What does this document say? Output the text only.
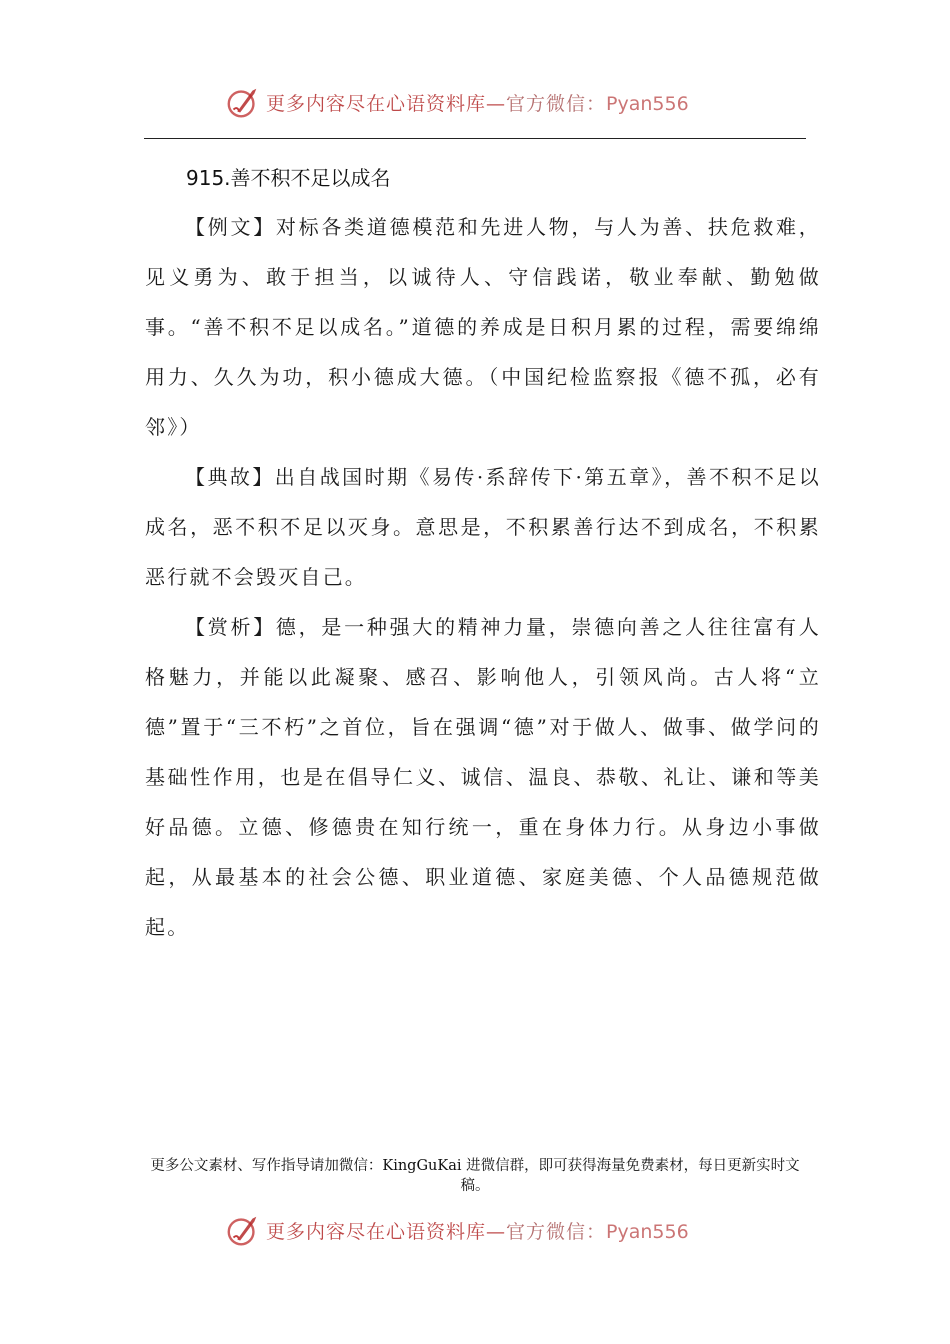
更多内容尽在心语资料库—官方微信：Pyan556
915.善不积不足以成名

【例文】对标各类道德模范和先进人物，与人为善、扶危救难，见义勇为、敢于担当，以诚待人、守信践诺，敬业奉献、勤勉做事。“善不积不足以成名。”道德的养成是日积月累的过程，需要绵绵用力、久久为功，积小德成大德。（中国纪检监察报《德不孤，必有邻》）

【典故】出自战国时期《易传·系辞传下·第五章》，善不积不足以成名，恶不积不足以灭身。意思是，不积累善行达不到成名，不积累恶行就不会毁灭自己。

【赏析】德，是一种强大的精神力量，崇德向善之人往往富有人格魅力，并能以此凝聚、感召、影响他人，引领风尚。古人将“立德”置于“三不朽”之首位，旨在强调“德”对于做人、做事、做学问的基础性作用，也是在倡导仁义、诚信、温良、恭敬、礼让、谦和等美好品德。立德、修德贵在知行统一，重在身体力行。从身边小事做起，从最基本的社会公德、职业道德、家庭美德、个人品德规范做起。

更多公文素材、写作指导请加微信：KingGuKai 进微信群，即可获得海量免费素材，每日更新实时文稿。
更多内容尽在心语资料库—官方微信：Pyan556
